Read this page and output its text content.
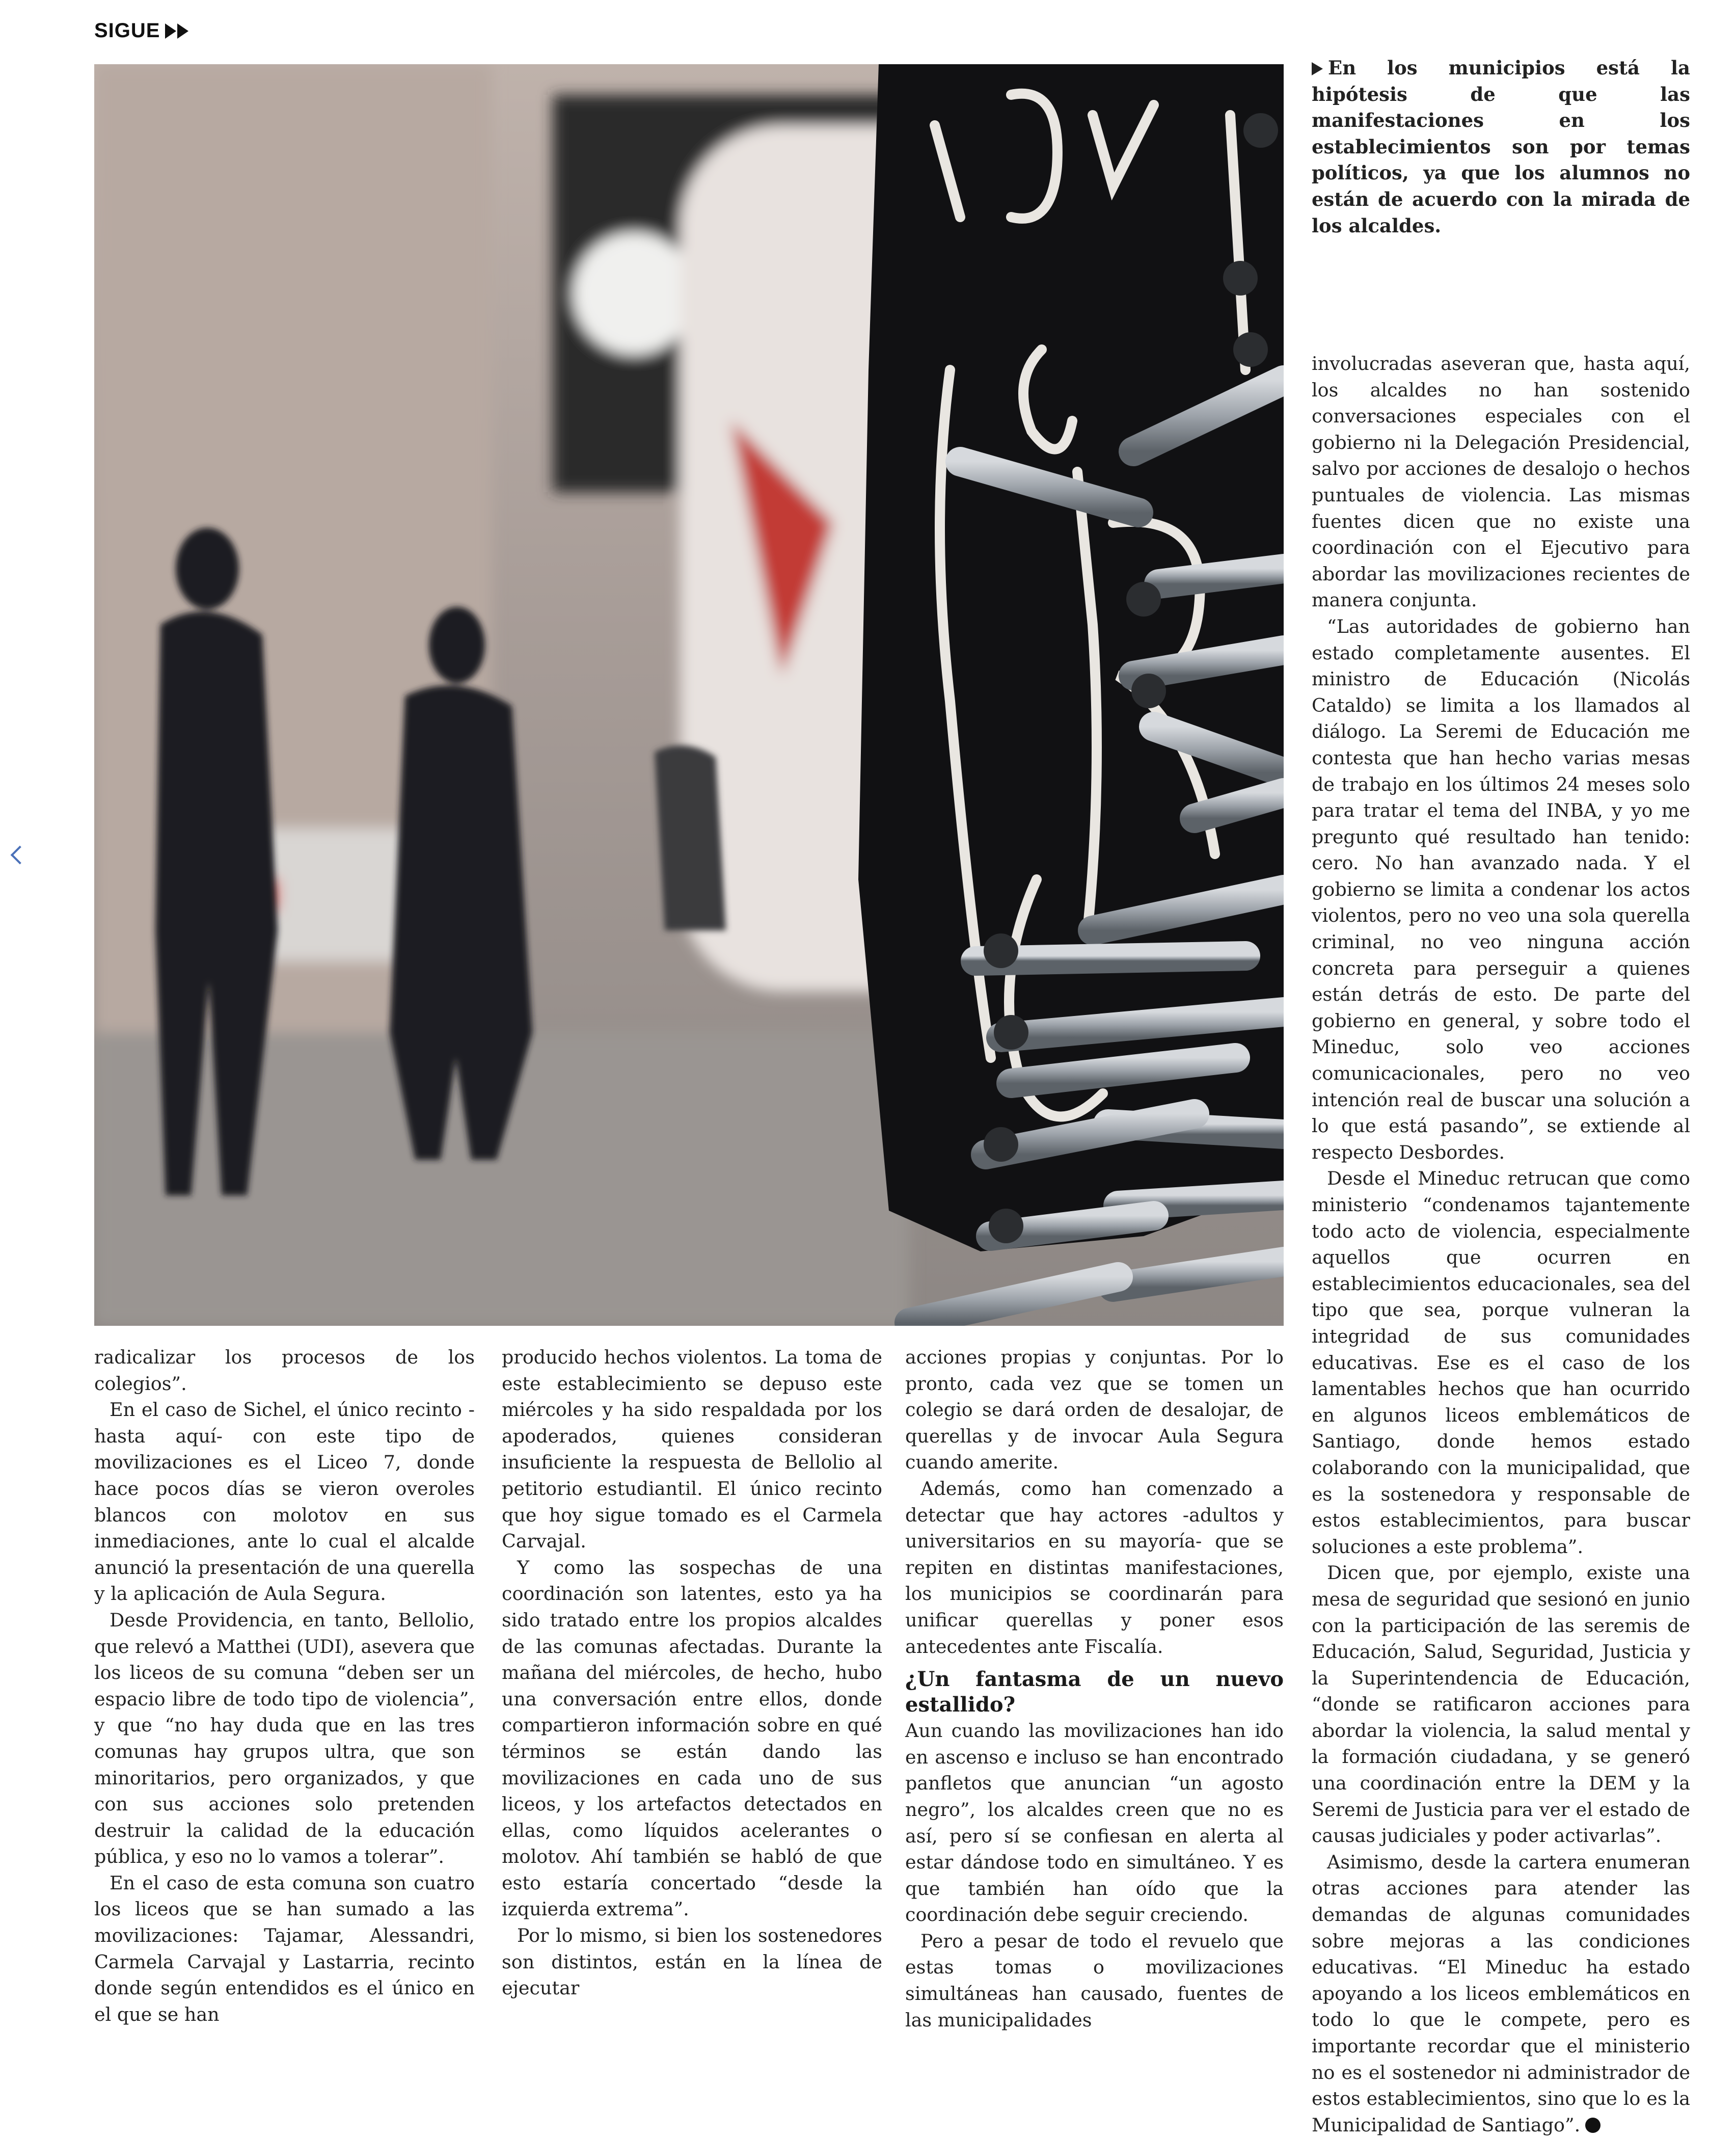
SIGUE
En los municipios está la hipótesis de que las manifestaciones en los establecimientos son por temas políticos, ya que los alumnos no están de acuerdo con la mirada de los alcaldes.

radicalizar los procesos de los colegios”.

En el caso de Sichel, el único recinto -hasta aquí- con este tipo de movilizaciones es el Liceo 7, donde hace pocos días se vieron overoles blancos con molotov en sus inmediaciones, ante lo cual el alcalde anunció la presentación de una querella y la aplicación de Aula Segura.

Desde Providencia, en tanto, Bellolio, que relevó a Matthei (UDI), asevera que los liceos de su comuna “deben ser un espacio libre de todo tipo de violencia”, y que “no hay duda que en las tres comunas hay grupos ultra, que son minoritarios, pero organizados, y que con sus acciones solo pretenden destruir la calidad de la educación pública, y eso no lo vamos a tolerar”.

En el caso de esta comuna son cuatro los liceos que se han sumado a las movilizaciones: Tajamar, Alessandri, Carmela Carvajal y Lastarria, recinto donde según entendidos es el único en el que se han

producido hechos violentos. La toma de este establecimiento se depuso este miércoles y ha sido respaldada por los apoderados, quienes consideran insuficiente la respuesta de Bellolio al petitorio estudiantil. El único recinto que hoy sigue tomado es el Carmela Carvajal.

Y como las sospechas de una coordinación son latentes, esto ya ha sido tratado entre los propios alcaldes de las comunas afectadas. Durante la mañana del miércoles, de hecho, hubo una conversación entre ellos, donde compartieron información sobre en qué términos se están dando las movilizaciones en cada uno de sus liceos, y los artefactos detectados en ellas, como líquidos acelerantes o molotov. Ahí también se habló de que esto estaría concertado “desde la izquierda extrema”.

Por lo mismo, si bien los sostenedores son distintos, están en la línea de ejecutar

acciones propias y conjuntas. Por lo pronto, cada vez que se tomen un colegio se dará orden de desalojar, de querellas y de invocar Aula Segura cuando amerite.

Además, como han comenzado a detectar que hay actores -adultos y universitarios en su mayoría- que se repiten en distintas manifestaciones, los municipios se coordinarán para unificar querellas y poner esos antecedentes ante Fiscalía.

¿Un fantasma de un nuevo estallido?

Aun cuando las movilizaciones han ido en ascenso e incluso se han encontrado panfletos que anuncian “un agosto negro”, los alcaldes creen que no es así, pero sí se confiesan en alerta al estar dándose todo en simultáneo. Y es que también han oído que la coordinación debe seguir creciendo.

Pero a pesar de todo el revuelo que estas tomas o movilizaciones simultáneas han causado, fuentes de las municipalidades

involucradas aseveran que, hasta aquí, los alcaldes no han sostenido conversaciones especiales con el gobierno ni la Delegación Presidencial, salvo por acciones de desalojo o hechos puntuales de violencia. Las mismas fuentes dicen que no existe una coordinación con el Ejecutivo para abordar las movilizaciones recientes de manera conjunta.

“Las autoridades de gobierno han estado completamente ausentes. El ministro de Educación (Nicolás Cataldo) se limita a los llamados al diálogo. La Seremi de Educación me contesta que han hecho varias mesas de trabajo en los últimos 24 meses solo para tratar el tema del INBA, y yo me pregunto qué resultado han tenido: cero. No han avanzado nada. Y el gobierno se limita a condenar los actos violentos, pero no veo una sola querella criminal, no veo ninguna acción concreta para perseguir a quienes están detrás de esto. De parte del gobierno en general, y sobre todo el Mineduc, solo veo acciones comunicacionales, pero no veo intención real de buscar una solución a lo que está pasando”, se extiende al respecto Desbordes.

Desde el Mineduc retrucan que como ministerio “condenamos tajantemente todo acto de violencia, especialmente aquellos que ocurren en establecimientos educacionales, sea del tipo que sea, porque vulneran la integridad de sus comunidades educativas. Ese es el caso de los lamentables hechos que han ocurrido en algunos liceos emblemáticos de Santiago, donde hemos estado colaborando con la municipalidad, que es la sostenedora y responsable de estos establecimientos, para buscar soluciones a este problema”.

Dicen que, por ejemplo, existe una mesa de seguridad que sesionó en junio con la participación de las seremis de Educación, Salud, Seguridad, Justicia y la Superintendencia de Educación, “donde se ratificaron acciones para abordar la violencia, la salud mental y la formación ciudadana, y se generó una coordinación entre la DEM y la Seremi de Justicia para ver el estado de causas judiciales y poder activarlas”.

Asimismo, desde la cartera enumeran otras acciones para atender las demandas de algunas comunidades sobre mejoras a las condiciones educativas. “El Mineduc ha estado apoyando a los liceos emblemáticos en todo lo que le compete, pero es importante recordar que el ministerio no es el sostenedor ni administrador de estos establecimientos, sino que lo es la Municipalidad de Santiago”.
